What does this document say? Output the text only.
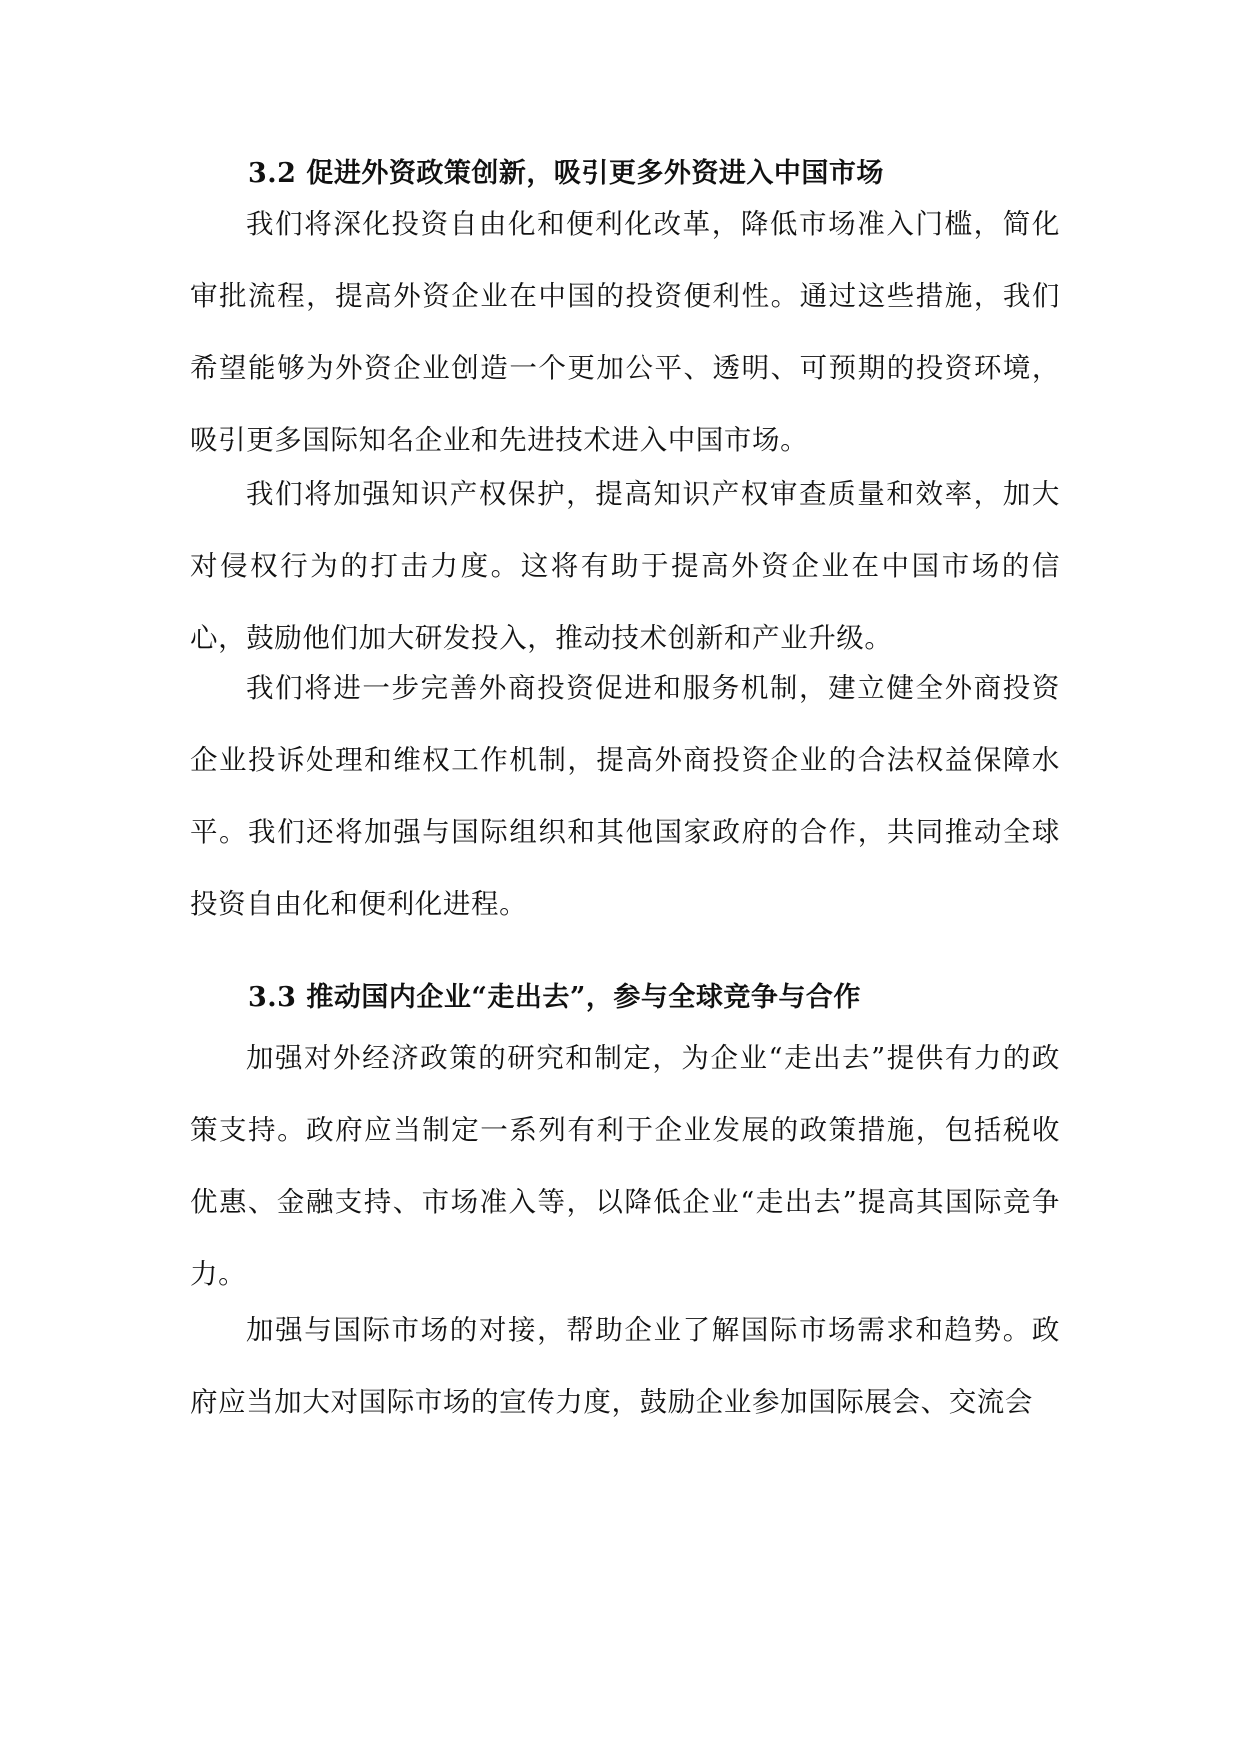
3.2 促进外资政策创新，吸引更多外资进入中国市场

我们将深化投资自由化和便利化改革，降低市场准入门槛，简化审批流程，提高外资企业在中国的投资便利性。通过这些措施，我们希望能够为外资企业创造一个更加公平、透明、可预期的投资环境，吸引更多国际知名企业和先进技术进入中国市场。

我们将加强知识产权保护，提高知识产权审查质量和效率，加大对侵权行为的打击力度。这将有助于提高外资企业在中国市场的信心，鼓励他们加大研发投入，推动技术创新和产业升级。

我们将进一步完善外商投资促进和服务机制，建立健全外商投资企业投诉处理和维权工作机制，提高外商投资企业的合法权益保障水平。我们还将加强与国际组织和其他国家政府的合作，共同推动全球投资自由化和便利化进程。

3.3 推动国内企业“走出去”，参与全球竞争与合作

加强对外经济政策的研究和制定，为企业“走出去”提供有力的政策支持。政府应当制定一系列有利于企业发展的政策措施，包括税收优惠、金融支持、市场准入等，以降低企业“走出去”提高其国际竞争力。

加强与国际市场的对接，帮助企业了解国际市场需求和趋势。政府应当加大对国际市场的宣传力度，鼓励企业参加国际展会、交流会
